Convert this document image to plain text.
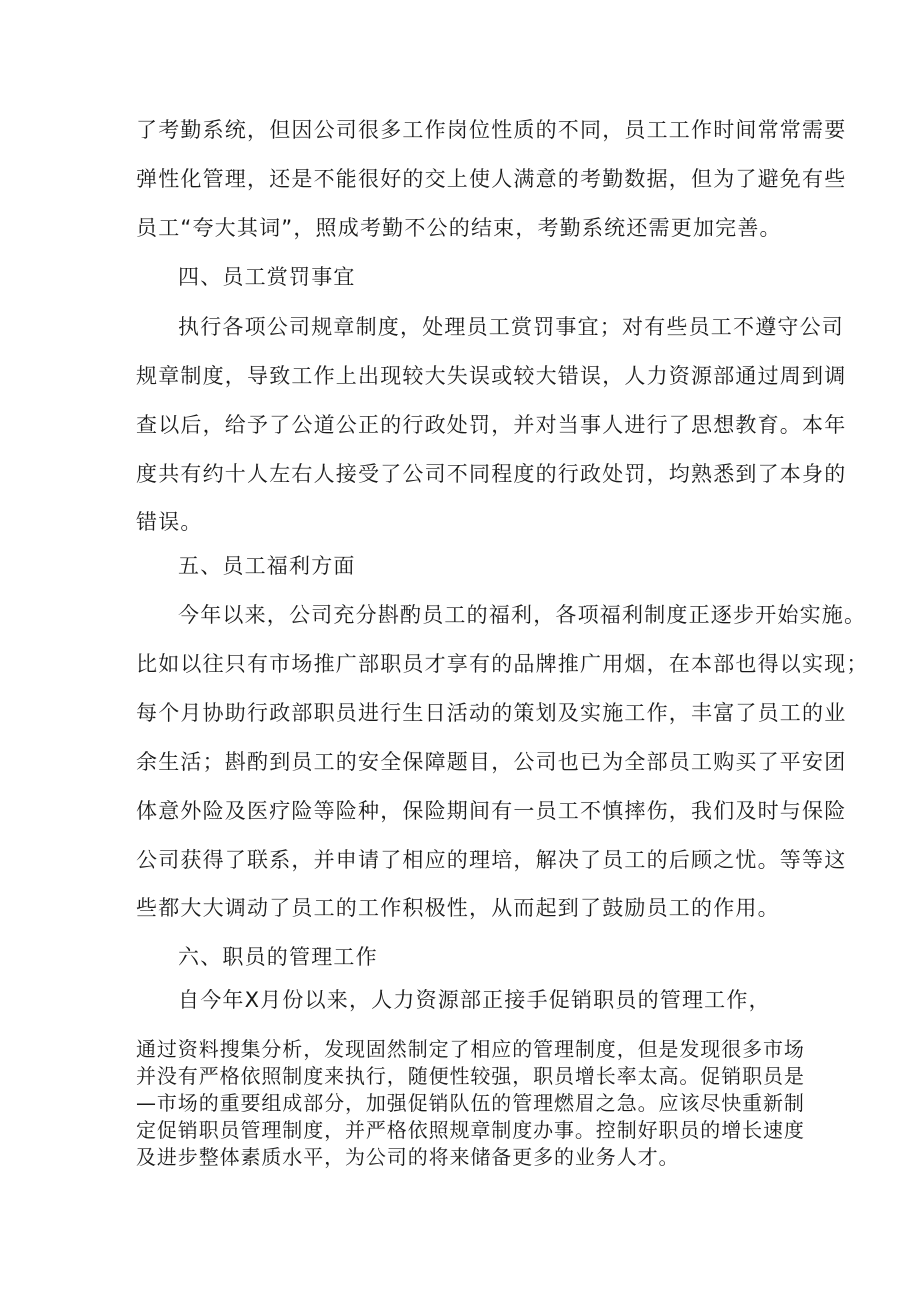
了考勤系统，但因公司很多工作岗位性质的不同，员工工作时间常常需要
弹性化管理，还是不能很好的交上使人满意的考勤数据，但为了避免有些
员工“夸大其词”，照成考勤不公的结束，考勤系统还需更加完善。
四、员工赏罚事宜
执行各项公司规章制度，处理员工赏罚事宜；对有些员工不遵守公司
规章制度，导致工作上出现较大失误或较大错误，人力资源部通过周到调
查以后，给予了公道公正的行政处罚，并对当事人进行了思想教育。本年
度共有约十人左右人接受了公司不同程度的行政处罚，均熟悉到了本身的
错误。
五、员工福利方面
今年以来，公司充分斟酌员工的福利，各项福利制度正逐步开始实施。
比如以往只有市场推广部职员才享有的品牌推广用烟，在本部也得以实现；
每个月协助行政部职员进行生日活动的策划及实施工作，丰富了员工的业
余生活；斟酌到员工的安全保障题目，公司也已为全部员工购买了平安团
体意外险及医疗险等险种，保险期间有一员工不慎摔伤，我们及时与保险
公司获得了联系，并申请了相应的理培，解决了员工的后顾之忧。等等这
些都大大调动了员工的工作积极性，从而起到了鼓励员工的作用。
六、职员的管理工作
自今年X月份以来，人力资源部正接手促销职员的管理工作，
通过资料搜集分析，发现固然制定了相应的管理制度，但是发现很多市场
并没有严格依照制度来执行，随便性较强，职员增长率太高。促销职员是
—市场的重要组成部分，加强促销队伍的管理燃眉之急。应该尽快重新制
定促销职员管理制度，并严格依照规章制度办事。控制好职员的增长速度
及进步整体素质水平，为公司的将来储备更多的业务人才。
